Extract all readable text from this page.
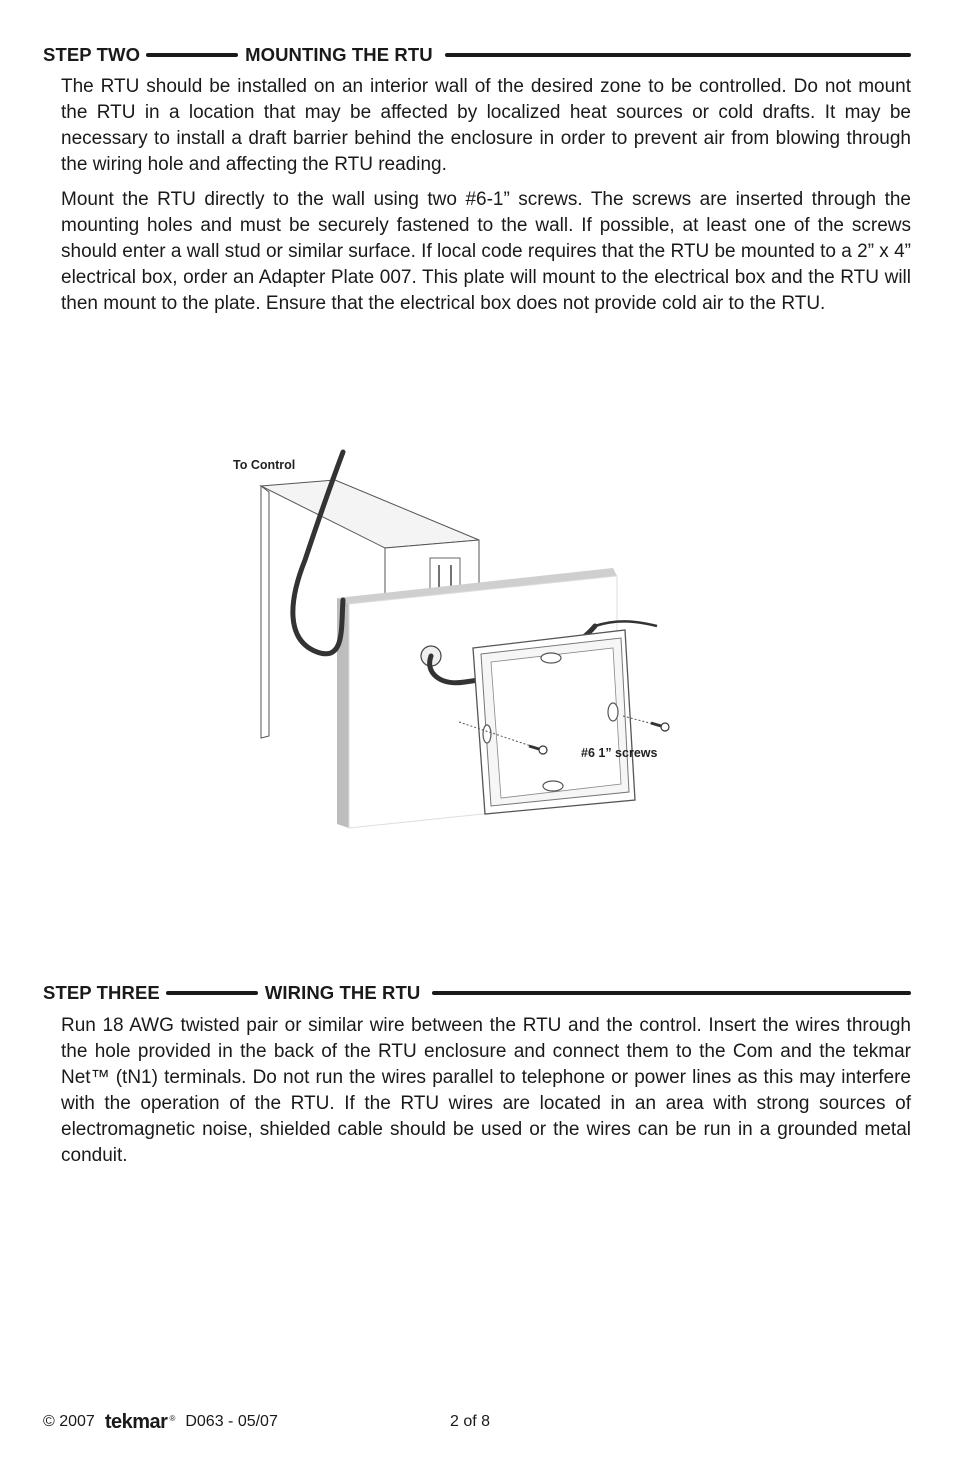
STEP TWO	MOUNTING THE RTU

The RTU should be installed on an interior wall of the desired zone to be controlled. Do not mount the RTU in a location that may be affected by localized heat sources or cold drafts. It may be necessary to install a draft barrier behind the enclosure in order to prevent air from blowing through the wiring hole and affecting the RTU reading.

Mount the RTU directly to the wall using two #6-1” screws. The screws are inserted through the mounting holes and must be securely fastened to the wall. If possible, at least one of the screws should enter a wall stud or similar surface. If local code requires that the RTU be mounted to a 2” x 4” electrical box, order an Adapter Plate 007. This plate will mount to the electrical box and the RTU will then mount to the plate. Ensure that the electrical box does not provide cold air to the RTU.

To Control
#6 1” screws
STEP THREE	WIRING THE RTU

Run 18 AWG twisted pair or similar wire between the RTU and the control. Insert the wires through the hole provided in the back of the RTU enclosure and connect them to the Com and the tekmar Net™ (tN1) terminals. Do not run the wires parallel to telephone or power lines as this may interfere with the operation of the RTU. If the RTU wires are located in an area with strong sources of electromagnetic noise, shielded cable should be used or the wires can be run in a grounded metal conduit.

© 2007 tekmar ® D063 - 05/07	2 of 8
